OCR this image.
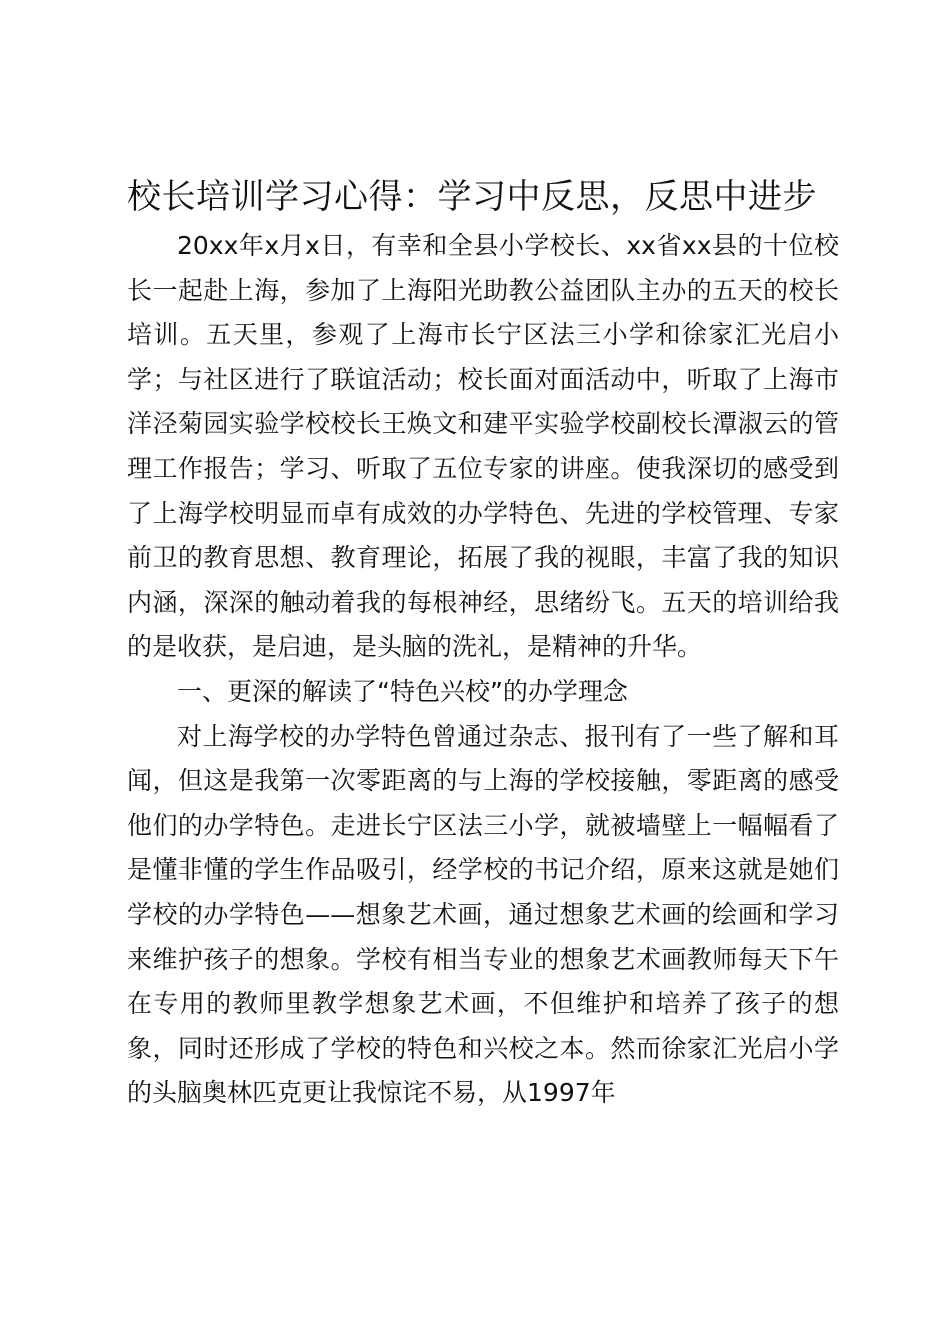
校长培训学习心得：学习中反思，反思中进步

20xx年x月x日，有幸和全县小学校长、xx省xx县的十位校长一起赴上海，参加了上海阳光助教公益团队主办的五天的校长培训。五天里，参观了上海市长宁区法三小学和徐家汇光启小学；与社区进行了联谊活动；校长面对面活动中，听取了上海市洋泾菊园实验学校校长王焕文和建平实验学校副校长潭淑云的管理工作报告；学习、听取了五位专家的讲座。使我深切的感受到了上海学校明显而卓有成效的办学特色、先进的学校管理、专家前卫的教育思想、教育理论，拓展了我的视眼，丰富了我的知识内涵，深深的触动着我的每根神经，思绪纷飞。五天的培训给我的是收获，是启迪，是头脑的洗礼，是精神的升华。

一、更深的解读了“特色兴校”的办学理念

对上海学校的办学特色曾通过杂志、报刊有了一些了解和耳闻，但这是我第一次零距离的与上海的学校接触，零距离的感受他们的办学特色。走进长宁区法三小学，就被墙壁上一幅幅看了是懂非懂的学生作品吸引，经学校的书记介绍，原来这就是她们学校的办学特色——想象艺术画，通过想象艺术画的绘画和学习来维护孩子的想象。学校有相当专业的想象艺术画教师每天下午在专用的教师里教学想象艺术画，不但维护和培养了孩子的想象，同时还形成了学校的特色和兴校之本。然而徐家汇光启小学的头脑奥林匹克更让我惊诧不易，从1997年
